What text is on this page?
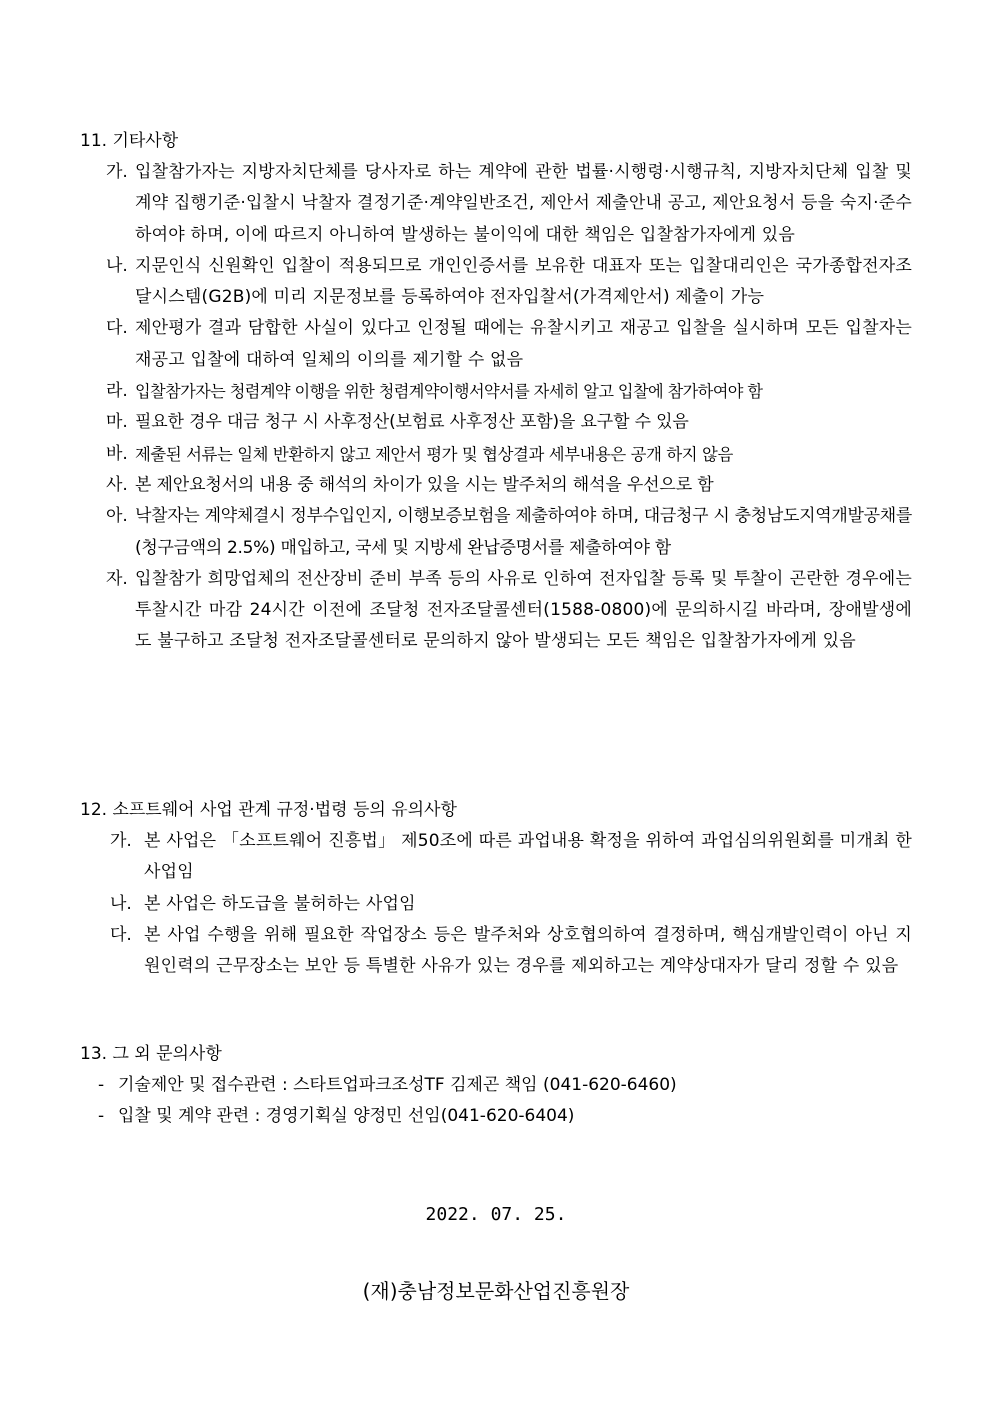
11. 기타사항
가. 입찰참가자는 지방자치단체를 당사자로 하는 계약에 관한 법률·시행령·시행규칙, 지방자치단체 입찰 및 계약 집행기준·입찰시 낙찰자 결정기준·계약일반조건, 제안서 제출안내 공고, 제안요청서 등을 숙지·준수하여야 하며, 이에 따르지 아니하여 발생하는 불이익에 대한 책임은 입찰참가자에게 있음
나. 지문인식 신원확인 입찰이 적용되므로 개인인증서를 보유한 대표자 또는 입찰대리인은 국가종합전자조달시스템(G2B)에 미리 지문정보를 등록하여야 전자입찰서(가격제안서) 제출이 가능
다. 제안평가 결과 담합한 사실이 있다고 인정될 때에는 유찰시키고 재공고 입찰을 실시하며 모든 입찰자는 재공고 입찰에 대하여 일체의 이의를 제기할 수 없음
라. 입찰참가자는 청렴계약 이행을 위한 청렴계약이행서약서를 자세히 알고 입찰에 참가하여야 함
마. 필요한 경우 대금 청구 시 사후정산(보험료 사후정산 포함)을 요구할 수 있음
바. 제출된 서류는 일체 반환하지 않고 제안서 평가 및 협상결과 세부내용은 공개 하지 않음
사. 본 제안요청서의 내용 중 해석의 차이가 있을 시는 발주처의 해석을 우선으로 함
아. 낙찰자는 계약체결시 정부수입인지, 이행보증보험을 제출하여야 하며, 대금청구 시 충청남도지역개발공채를(청구금액의 2.5%) 매입하고, 국세 및 지방세 완납증명서를 제출하여야 함
자. 입찰참가 희망업체의 전산장비 준비 부족 등의 사유로 인하여 전자입찰 등록 및 투찰이 곤란한 경우에는 투찰시간 마감 24시간 이전에 조달청 전자조달콜센터(1588-0800)에 문의하시길 바라며, 장애발생에도 불구하고 조달청 전자조달콜센터로 문의하지 않아 발생되는 모든 책임은 입찰참가자에게 있음
12. 소프트웨어 사업 관계 규정·법령 등의 유의사항
가. 본 사업은 「소프트웨어 진흥법」 제50조에 따른 과업내용 확정을 위하여 과업심의위원회를 미개최 한 사업임
나. 본 사업은 하도급을 불허하는 사업임
다. 본 사업 수행을 위해 필요한 작업장소 등은 발주처와 상호협의하여 결정하며, 핵심개발인력이 아닌 지원인력의 근무장소는 보안 등 특별한 사유가 있는 경우를 제외하고는 계약상대자가 달리 정할 수 있음
13. 그 외 문의사항
- 기술제안 및 접수관련 : 스타트업파크조성TF 김제곤 책임 (041-620-6460)
- 입찰 및 계약 관련 : 경영기획실 양정민 선임(041-620-6404)
2022. 07. 25.
(재)충남정보문화산업진흥원장
